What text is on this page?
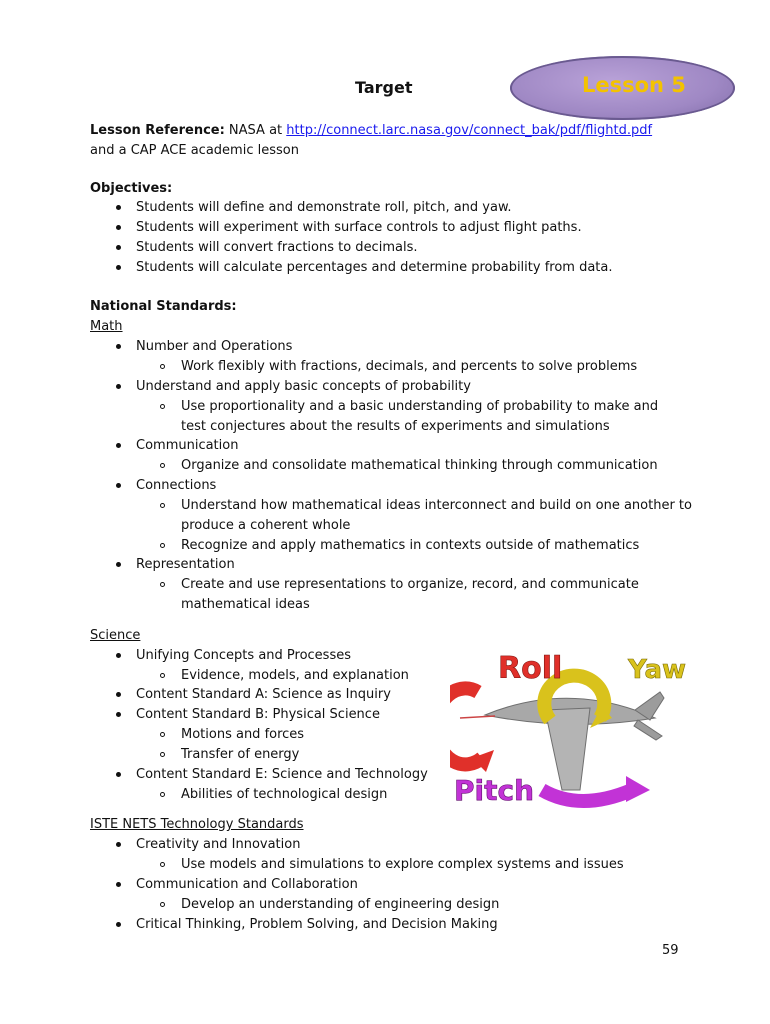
Target	Lesson 5
Lesson Reference: NASA at http://connect.larc.nasa.gov/connect_bak/pdf/flightd.pdf
and a CAP ACE academic lesson
Objectives:
Students will define and demonstrate roll, pitch, and yaw.
Students will experiment with surface controls to adjust flight paths.
Students will convert fractions to decimals.
Students will calculate percentages and determine probability from data.
National Standards:
Math
Number and Operations
Work flexibly with fractions, decimals, and percents to solve problems
Understand and apply basic concepts of probability
Use proportionality and a basic understanding of probability to make and
test conjectures about the results of experiments and simulations
Communication
Organize and consolidate mathematical thinking through communication
Connections
Understand how mathematical ideas interconnect and build on one another to
produce a coherent whole
Recognize and apply mathematics in contexts outside of mathematics
Representation
Create and use representations to organize, record, and communicate
mathematical ideas
Science
Unifying Concepts and Processes
Evidence, models, and explanation
Content Standard A: Science as Inquiry
Content Standard B: Physical Science
Motions and forces
Transfer of energy
Content Standard E: Science and Technology
Abilities of technological design
ISTE NETS Technology Standards
Creativity and Innovation
Use models and simulations to explore complex systems and issues
Communication and Collaboration
Develop an understanding of engineering design
Critical Thinking, Problem Solving, and Decision Making
Roll	Yaw
Pitch
59
